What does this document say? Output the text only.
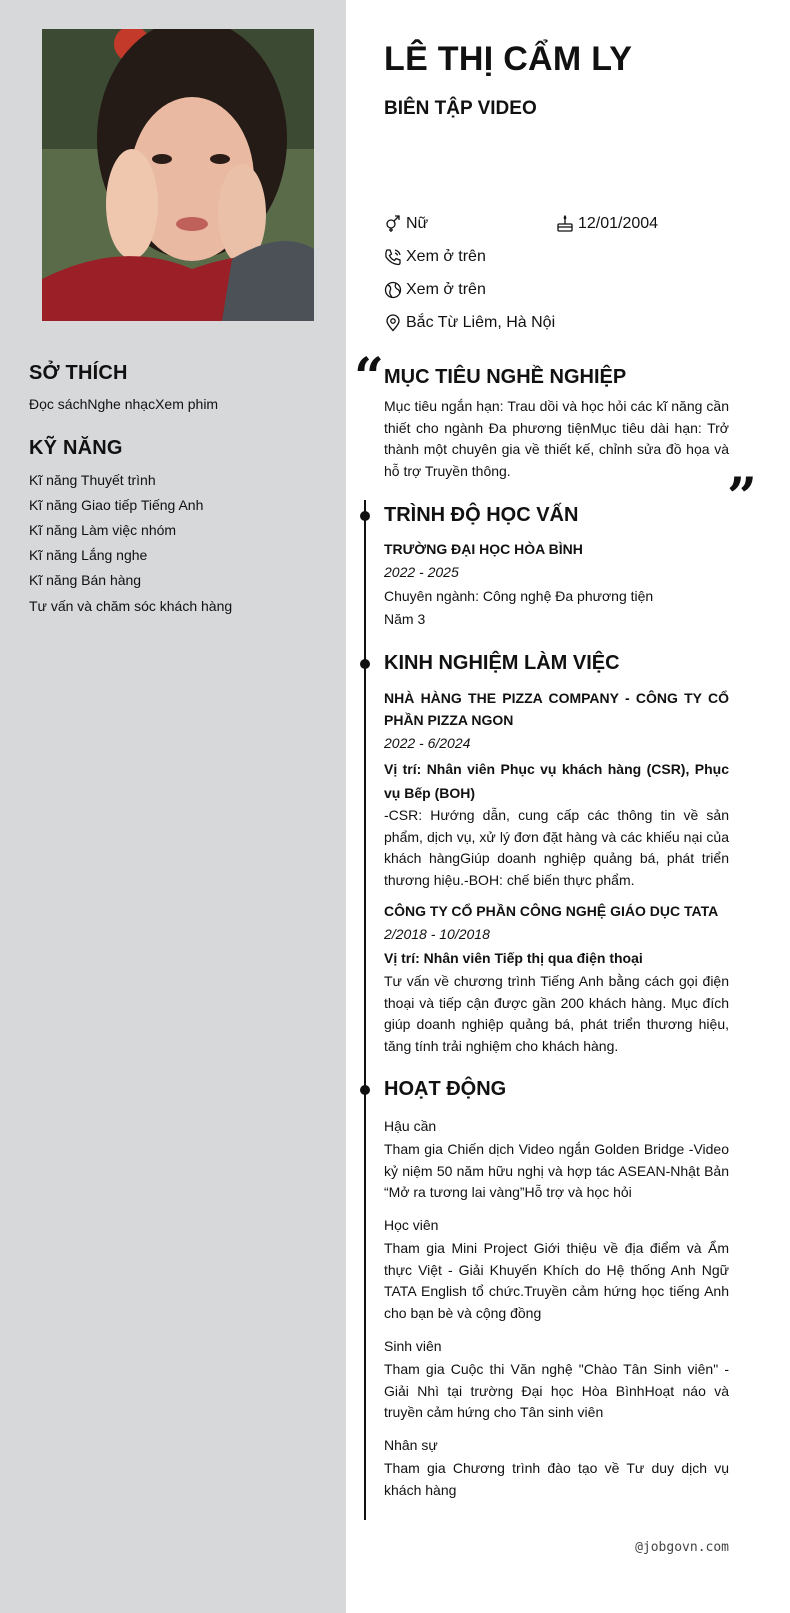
SỞ THÍCH
Đọc sáchNghe nhạcXem phim
KỸ NĂNG
Kĩ năng Thuyết trình
Kĩ năng Giao tiếp Tiếng Anh
Kĩ năng Làm việc nhóm
Kĩ năng Lắng nghe
Kĩ năng Bán hàng
Tư vấn và chăm sóc khách hàng
LÊ THỊ CẨM LY
BIÊN TẬP VIDEO
Nữ	12/01/2004
Xem ở trên
Xem ở trên
Bắc Từ Liêm, Hà Nội
“ MỤC TIÊU NGHỀ NGHIỆP
Mục tiêu ngắn hạn: Trau dồi và học hỏi các kĩ năng cần thiết cho ngành Đa phương tiệnMục tiêu dài hạn: Trở thành một chuyên gia về thiết kế, chỉnh sửa đồ họa và hỗ trợ Truyền thông.	”
TRÌNH ĐỘ HỌC VẤN
TRƯỜNG ĐẠI HỌC HÒA BÌNH
2022 - 2025
Chuyên ngành: Công nghệ Đa phương tiện
Năm 3
KINH NGHIỆM LÀM VIỆC
NHÀ HÀNG THE PIZZA COMPANY - CÔNG TY CỔ PHẦN PIZZA NGON
2022 - 6/2024
Vị trí: Nhân viên Phục vụ khách hàng (CSR), Phục vụ Bếp (BOH)
-CSR: Hướng dẫn, cung cấp các thông tin về sản phẩm, dịch vụ, xử lý đơn đặt hàng và các khiếu nại của khách hàngGiúp doanh nghiệp quảng bá, phát triển thương hiệu.-BOH: chế biến thực phẩm.
CÔNG TY CỔ PHẦN CÔNG NGHỆ GIÁO DỤC TATA
2/2018 - 10/2018
Vị trí: Nhân viên Tiếp thị qua điện thoại
Tư vấn về chương trình Tiếng Anh bằng cách gọi điện thoại và tiếp cận được gần 200 khách hàng. Mục đích giúp doanh nghiệp quảng bá, phát triển thương hiệu, tăng tính trải nghiệm cho khách hàng.
HOẠT ĐỘNG
Hậu cần
Tham gia Chiến dịch Video ngắn Golden Bridge -Video kỷ niệm 50 năm hữu nghị và hợp tác ASEAN-Nhật Bản “Mở ra tương lai vàng”Hỗ trợ và học hỏi
Học viên
Tham gia Mini Project Giới thiệu về địa điểm và Ẩm thực Việt - Giải Khuyến Khích do Hệ thống Anh Ngữ TATA English tổ chức.Truyền cảm hứng học tiếng Anh cho bạn bè và cộng đồng
Sinh viên
Tham gia Cuộc thi Văn nghệ "Chào Tân Sinh viên" - Giải Nhì tại trường Đại học Hòa BìnhHoạt náo và truyền cảm hứng cho Tân sinh viên
Nhân sự
Tham gia Chương trình đào tạo về Tư duy dịch vụ khách hàng
@jobgovn.com
